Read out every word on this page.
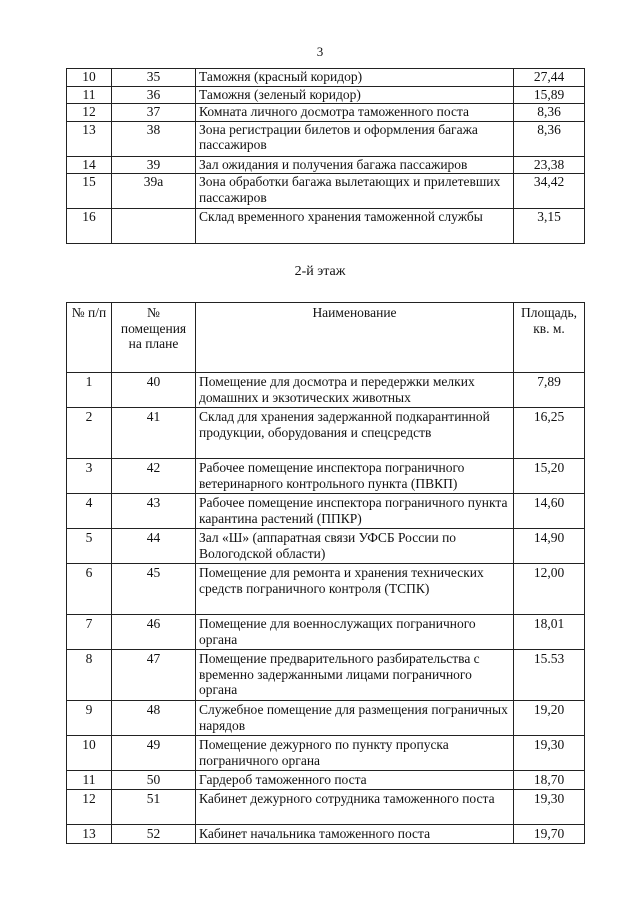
3
10	35	Таможня (красный коридор)	27,44
11	36	Таможня (зеленый коридор)	15,89
12	37	Комната личного досмотра таможенного поста	8,36
13	38	Зона регистрации билетов и оформления багажа пассажиров	8,36
14	39	Зал ожидания и получения багажа пассажиров	23,38
15	39а	Зона обработки багажа вылетающих и прилетевших пассажиров	34,42
16		Склад временного хранения таможенной службы	3,15
2-й этаж
№ п/п	№ помещения на плане	Наименование	Площадь, кв. м.
1	40	Помещение для досмотра и передержки мелких домашних и экзотических животных	7,89
2	41	Склад для хранения задержанной подкарантинной продукции, оборудования и спецсредств	16,25
3	42	Рабочее помещение инспектора пограничного ветеринарного контрольного пункта (ПВКП)	15,20
4	43	Рабочее помещение инспектора пограничного пункта карантина растений (ППКР)	14,60
5	44	Зал «Ш» (аппаратная связи УФСБ России по Вологодской области)	14,90
6	45	Помещение для ремонта и хранения технических средств пограничного контроля (ТСПК)	12,00
7	46	Помещение для военнослужащих пограничного органа	18,01
8	47	Помещение предварительного разбирательства с временно задержанными лицами пограничного органа	15.53
9	48	Служебное помещение для размещения пограничных нарядов	19,20
10	49	Помещение дежурного по пункту пропуска пограничного органа	19,30
11	50	Гардероб таможенного поста	18,70
12	51	Кабинет дежурного сотрудника таможенного поста	19,30
13	52	Кабинет начальника таможенного поста	19,70
